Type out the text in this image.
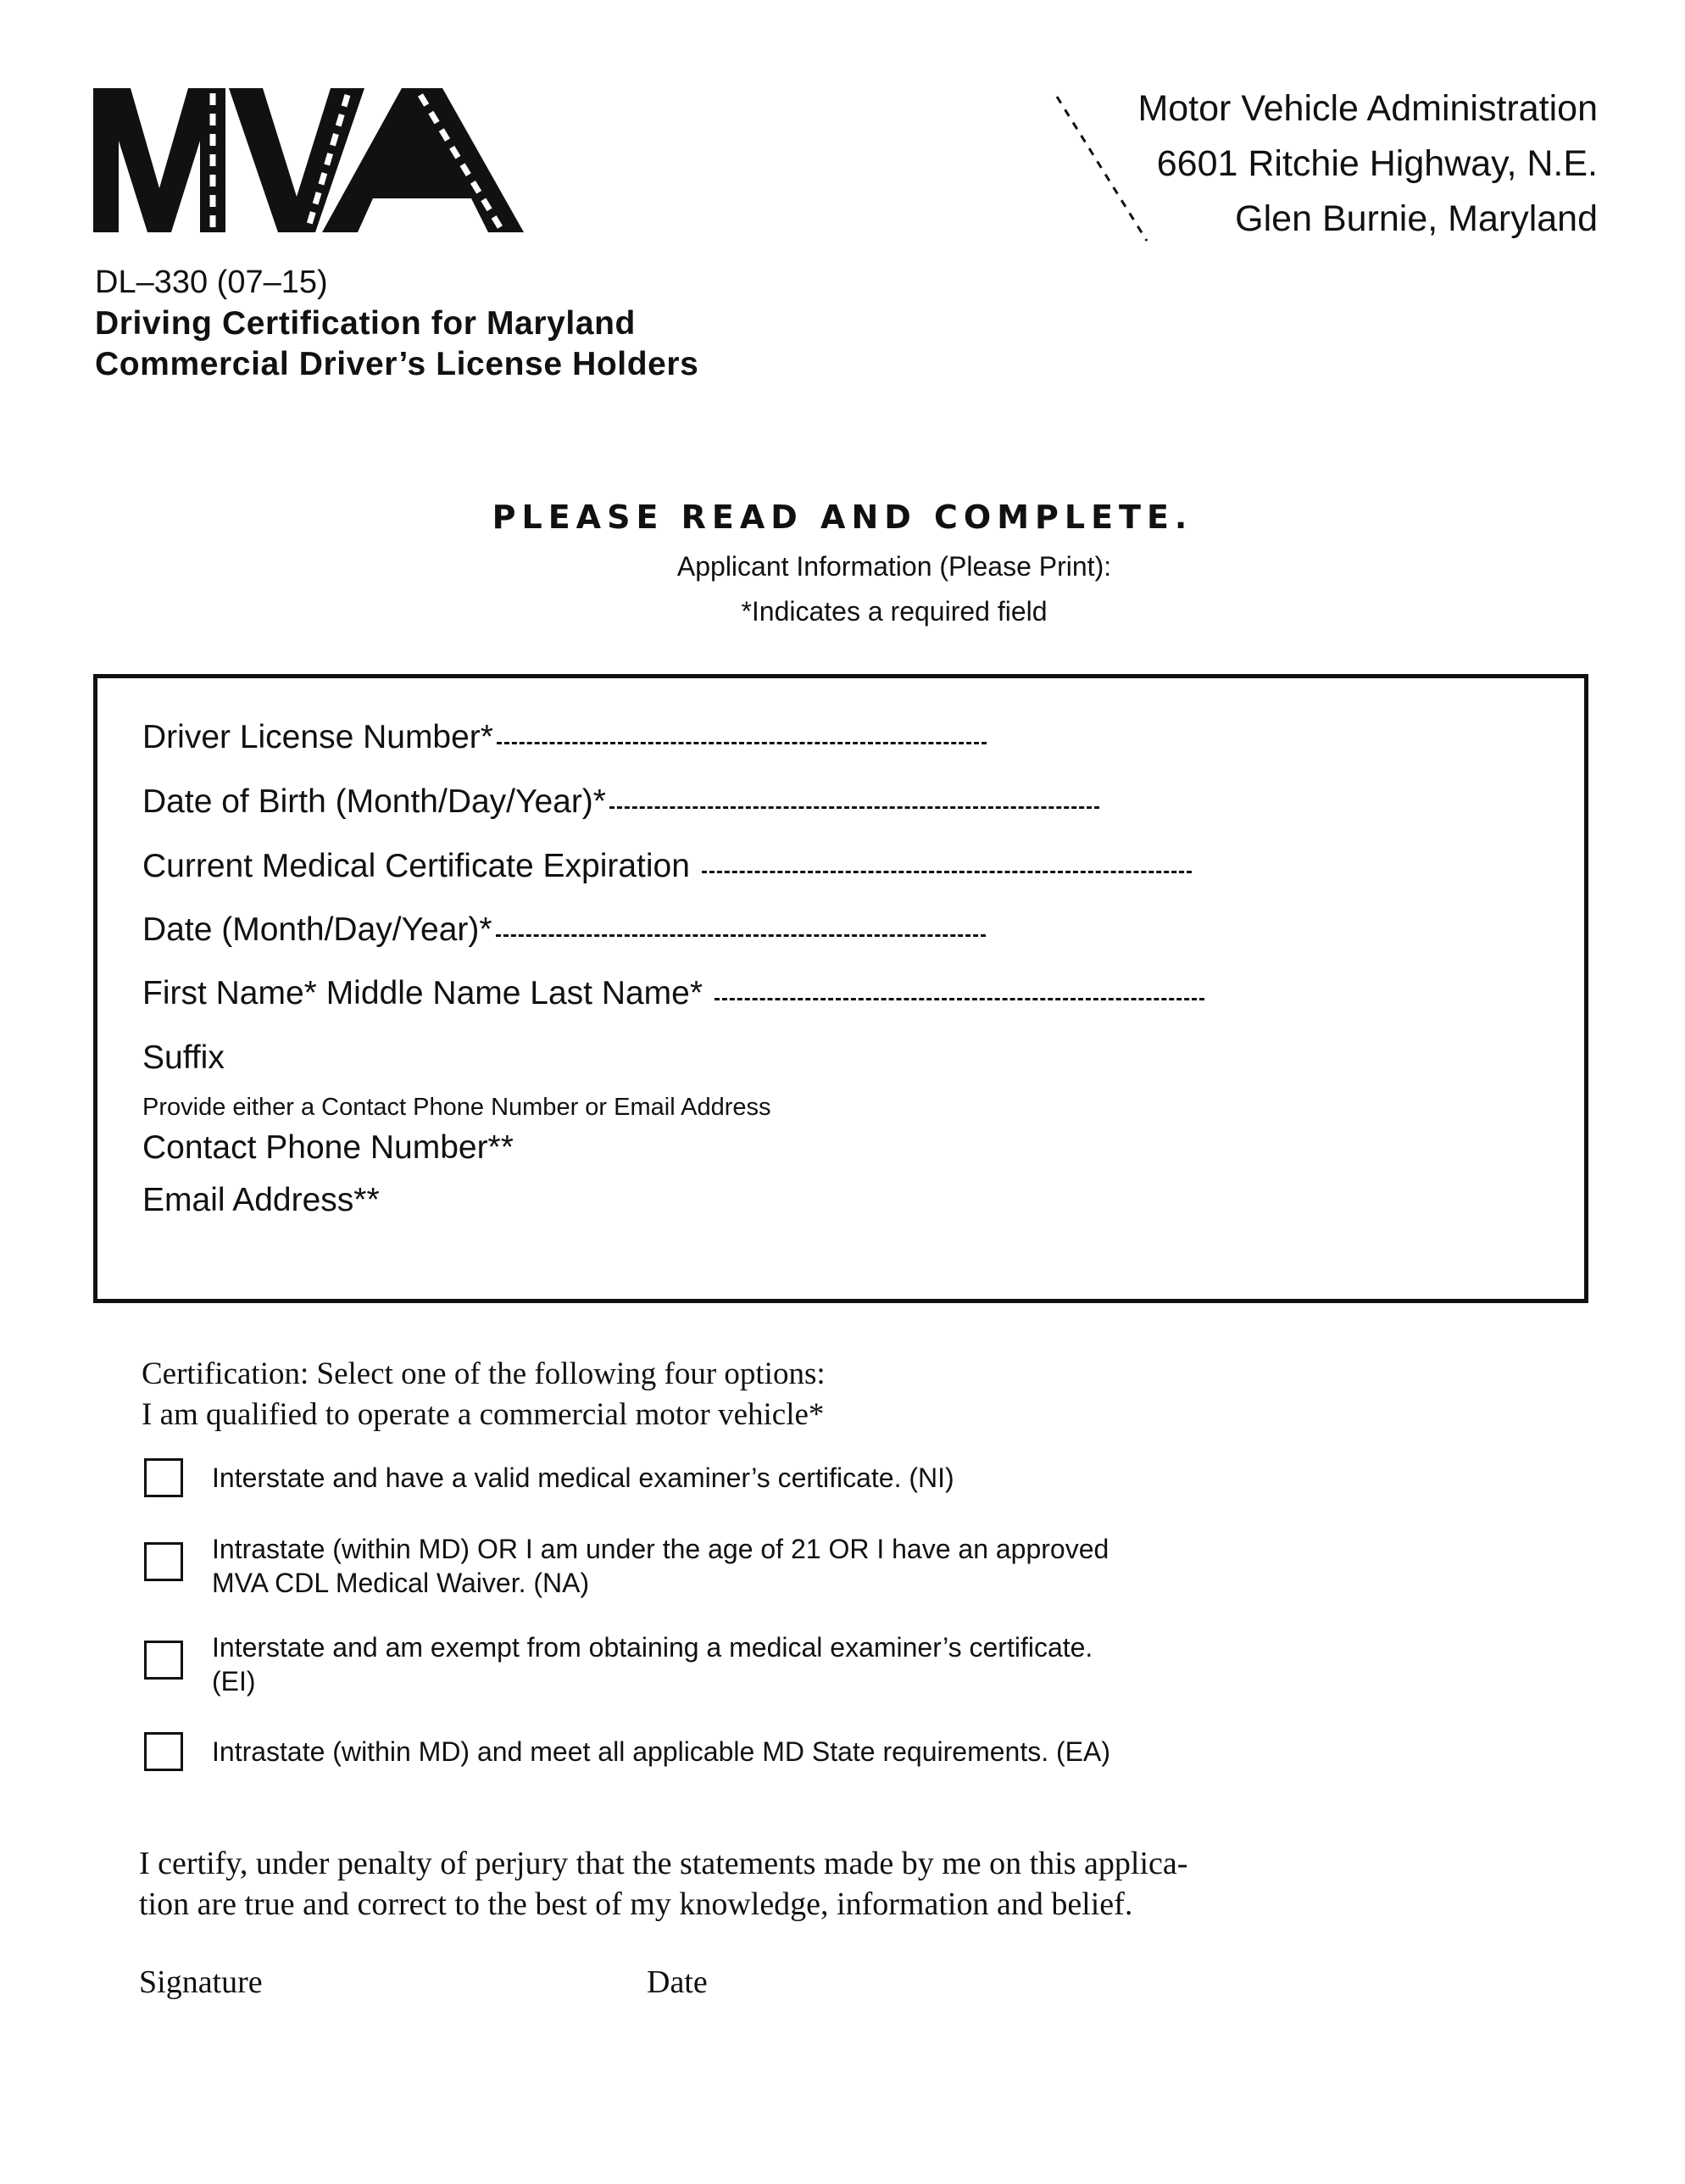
Motor Vehicle Administration
6601 Ritchie Highway, N.E.
Glen Burnie, Maryland
DL–330 (07–15)
Driving Certification for Maryland
Commercial Driver’s License Holders
PLEASE READ AND COMPLETE.
Applicant Information (Please Print):
*Indicates a required field
Driver License Number*
Date of Birth (Month/Day/Year)*
Current Medical Certificate Expiration
Date (Month/Day/Year)*
First Name* Middle Name Last Name*
Suffix
Provide either a Contact Phone Number or Email Address
Contact Phone Number**
Email Address**
Certification: Select one of the following four options:
I am qualified to operate a commercial motor vehicle*
Interstate and have a valid medical examiner’s certificate. (NI)
Intrastate (within MD) OR I am under the age of 21 OR I have an approved
MVA CDL Medical Waiver. (NA)
Interstate and am exempt from obtaining a medical examiner’s certificate.
(EI)
Intrastate (within MD) and meet all applicable MD State requirements. (EA)
I certify, under penalty of perjury that the statements made by me on this applica-
tion are true and correct to the best of my knowledge, information and belief.
Signature	Date
